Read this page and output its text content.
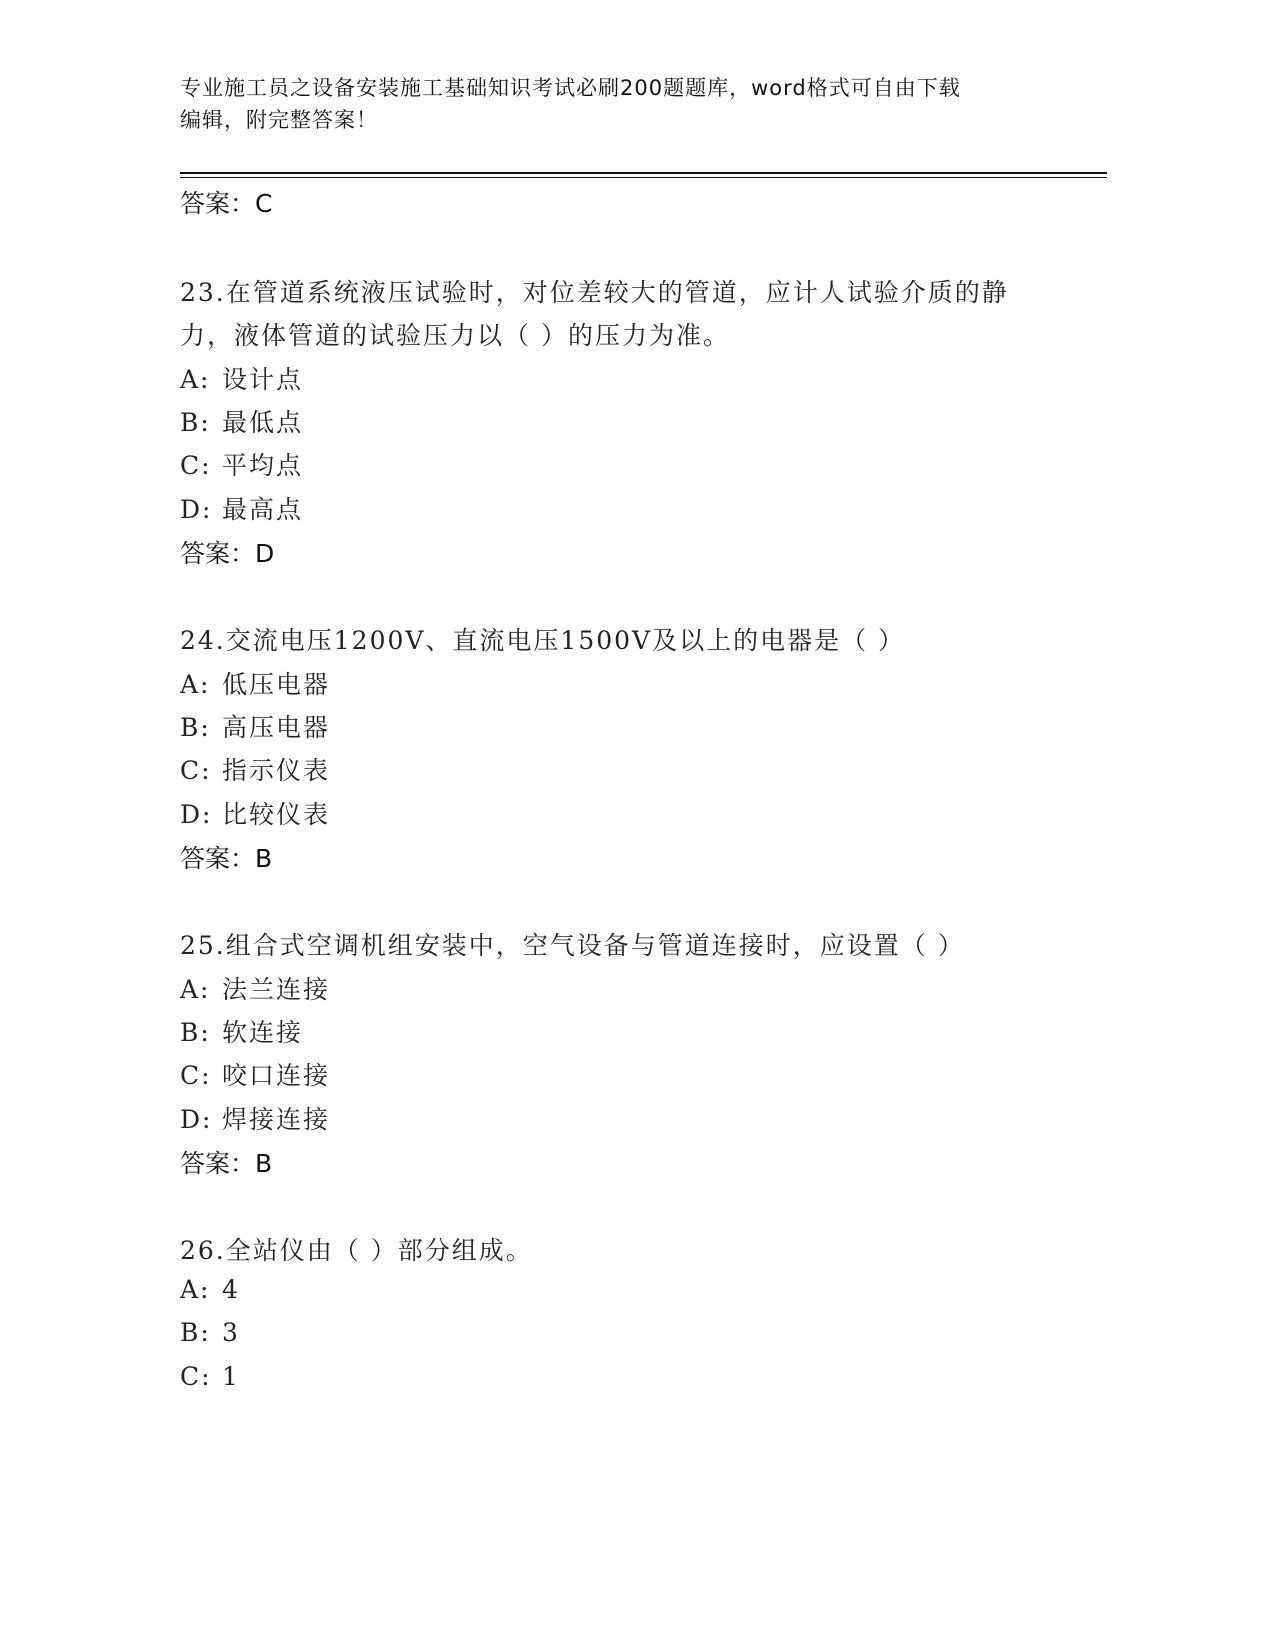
专业施工员之设备安装施工基础知识考试必刷200题题库，word格式可自由下载
编辑，附完整答案！
答案：C
23.在管道系统液压试验时，对位差较大的管道，应计人试验介质的静
力，液体管道的试验压力以（ ）的压力为准。
A: 设计点
B: 最低点
C: 平均点
D: 最高点
答案：D
24.交流电压1200V、直流电压1500V及以上的电器是（ ）
A: 低压电器
B: 高压电器
C: 指示仪表
D: 比较仪表
答案：B
25.组合式空调机组安装中，空气设备与管道连接时，应设置（ ）
A: 法兰连接
B: 软连接
C: 咬口连接
D: 焊接连接
答案：B
26.全站仪由（ ）部分组成。
A: 4
B: 3
C: 1
